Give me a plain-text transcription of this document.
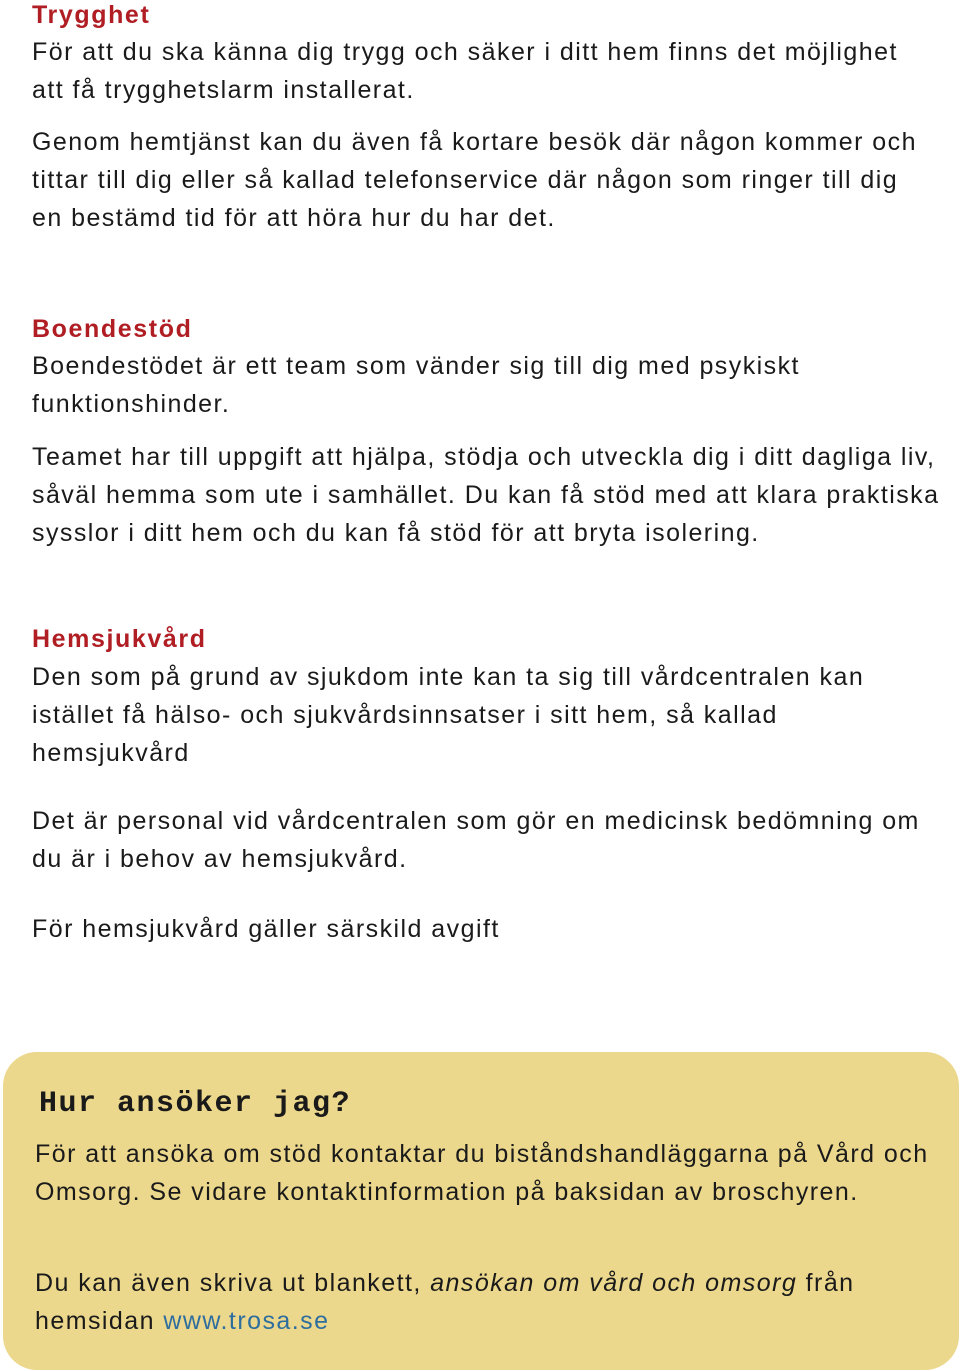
Trygghet

För att du ska känna dig trygg och säker i ditt hem finns det möjlighet att få trygghetslarm installerat.

Genom hemtjänst kan du även få kortare besök där någon kommer och tittar till dig eller så kallad telefonservice där någon som ringer till dig en bestämd tid för att höra hur du har det.

Boendestöd

Boendestödet är ett team som vänder sig till dig med psykiskt funktionshinder.

Teamet har till uppgift att hjälpa, stödja och utveckla dig i ditt dagliga liv, såväl hemma som ute i samhället. Du kan få stöd med att klara praktiska sysslor i ditt hem och du kan få stöd för att bryta isolering.

Hemsjukvård

Den som på grund av sjukdom inte kan ta sig till vårdcentralen kan istället få hälso- och sjukvårdsinnsatser i sitt hem, så kallad hemsjukvård

Det är personal vid vårdcentralen som gör en medicinsk bedömning om du är i behov av hemsjukvård.

För hemsjukvård gäller särskild avgift

Hur ansöker jag?

För att ansöka om stöd kontaktar du biståndshandläggarna på Vård och Omsorg. Se vidare kontaktinformation på baksidan av broschyren.

Du kan även skriva ut blankett, ansökan om vård och omsorg från hemsidan www.trosa.se
